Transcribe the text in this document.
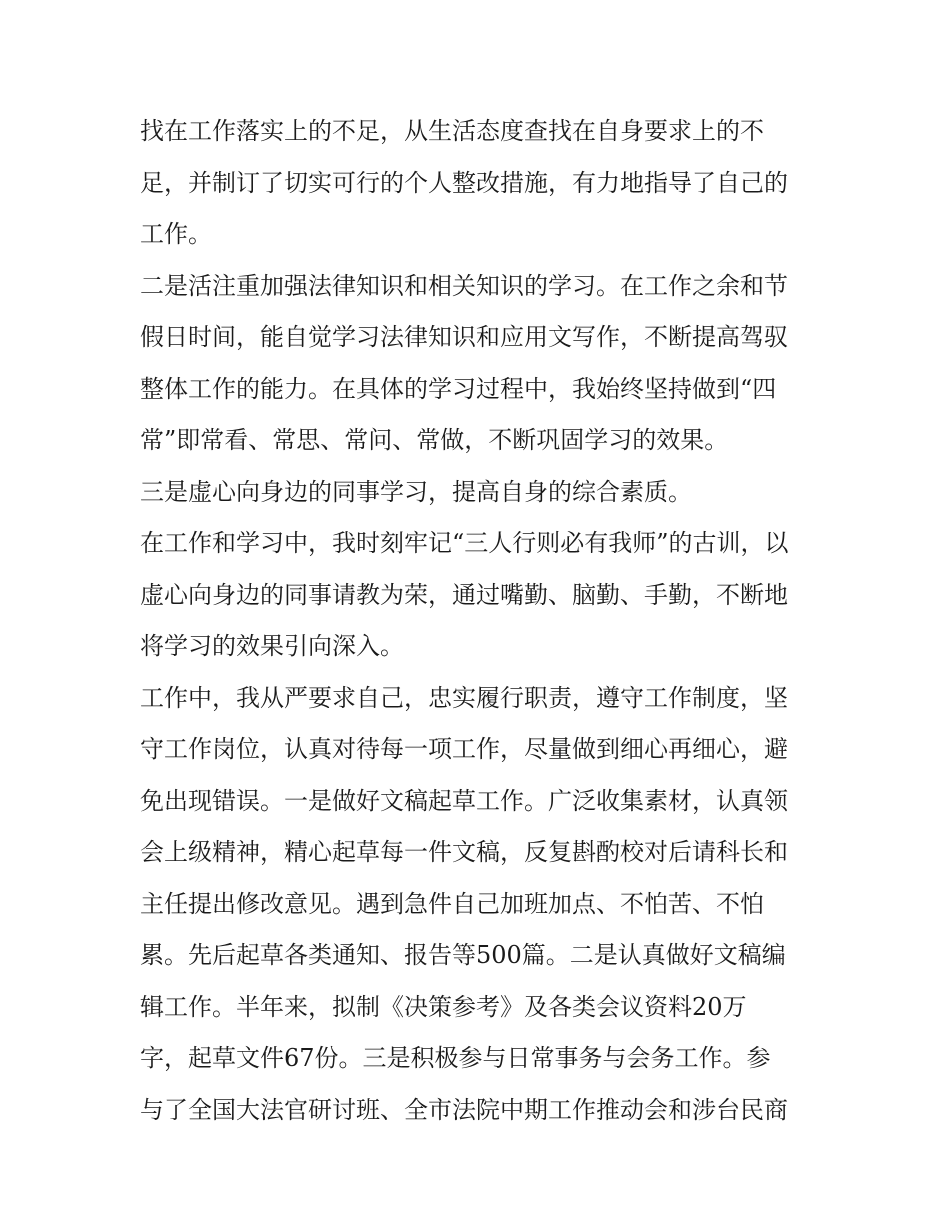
找在工作落实上的不足，从生活态度查找在自身要求上的不
足，并制订了切实可行的个人整改措施，有力地指导了自己的
工作。
二是活注重加强法律知识和相关知识的学习。在工作之余和节
假日时间，能自觉学习法律知识和应用文写作，不断提高驾驭
整体工作的能力。在具体的学习过程中，我始终坚持做到“四
常”即常看、常思、常问、常做，不断巩固学习的效果。
三是虚心向身边的同事学习，提高自身的综合素质。
在工作和学习中，我时刻牢记“三人行则必有我师”的古训，以
虚心向身边的同事请教为荣，通过嘴勤、脑勤、手勤，不断地
将学习的效果引向深入。
工作中，我从严要求自己，忠实履行职责，遵守工作制度，坚
守工作岗位，认真对待每一项工作，尽量做到细心再细心，避
免出现错误。一是做好文稿起草工作。广泛收集素材，认真领
会上级精神，精心起草每一件文稿，反复斟酌校对后请科长和
主任提出修改意见。遇到急件自己加班加点、不怕苦、不怕
累。先后起草各类通知、报告等500篇。二是认真做好文稿编
辑工作。半年来，拟制《决策参考》及各类会议资料20万
字，起草文件67份。三是积极参与日常事务与会务工作。参
与了全国大法官研讨班、全市法院中期工作推动会和涉台民商
